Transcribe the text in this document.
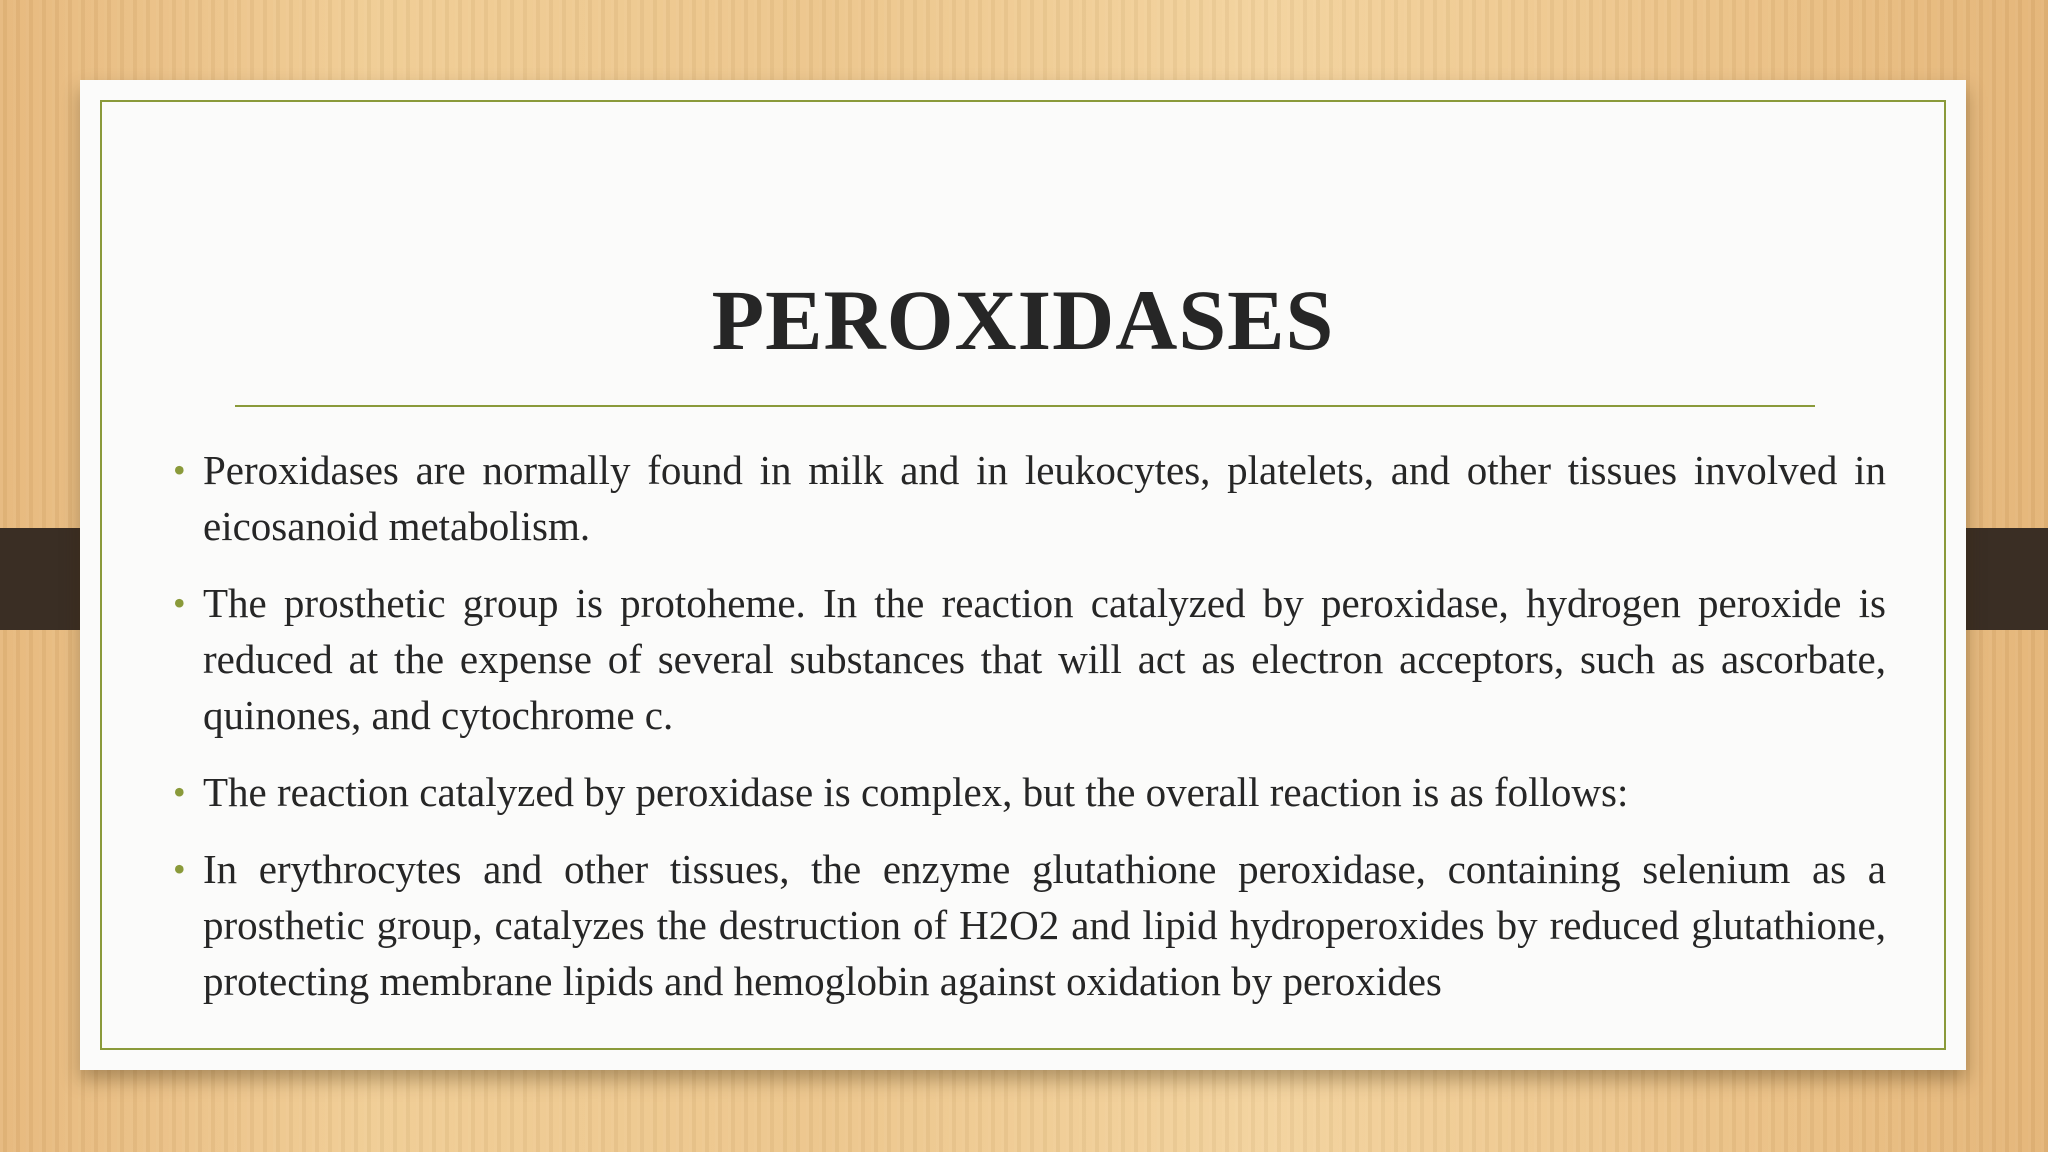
PEROXIDASES
• Peroxidases are normally found in milk and in leukocytes, platelets, and other tissues involved in eicosanoid metabolism.
• The prosthetic group is protoheme. In the reaction catalyzed by peroxidase, hydrogen peroxide is reduced at the expense of several substances that will act as electron acceptors, such as ascorbate, quinones, and cytochrome c.
• The reaction catalyzed by peroxidase is complex, but the overall reaction is as follows:
• In erythrocytes and other tissues, the enzyme glutathione peroxidase, containing selenium as a prosthetic group, catalyzes the destruction of H2O2 and lipid hydroperoxides by reduced glutathione, protecting membrane lipids and hemoglobin against oxidation by peroxides
